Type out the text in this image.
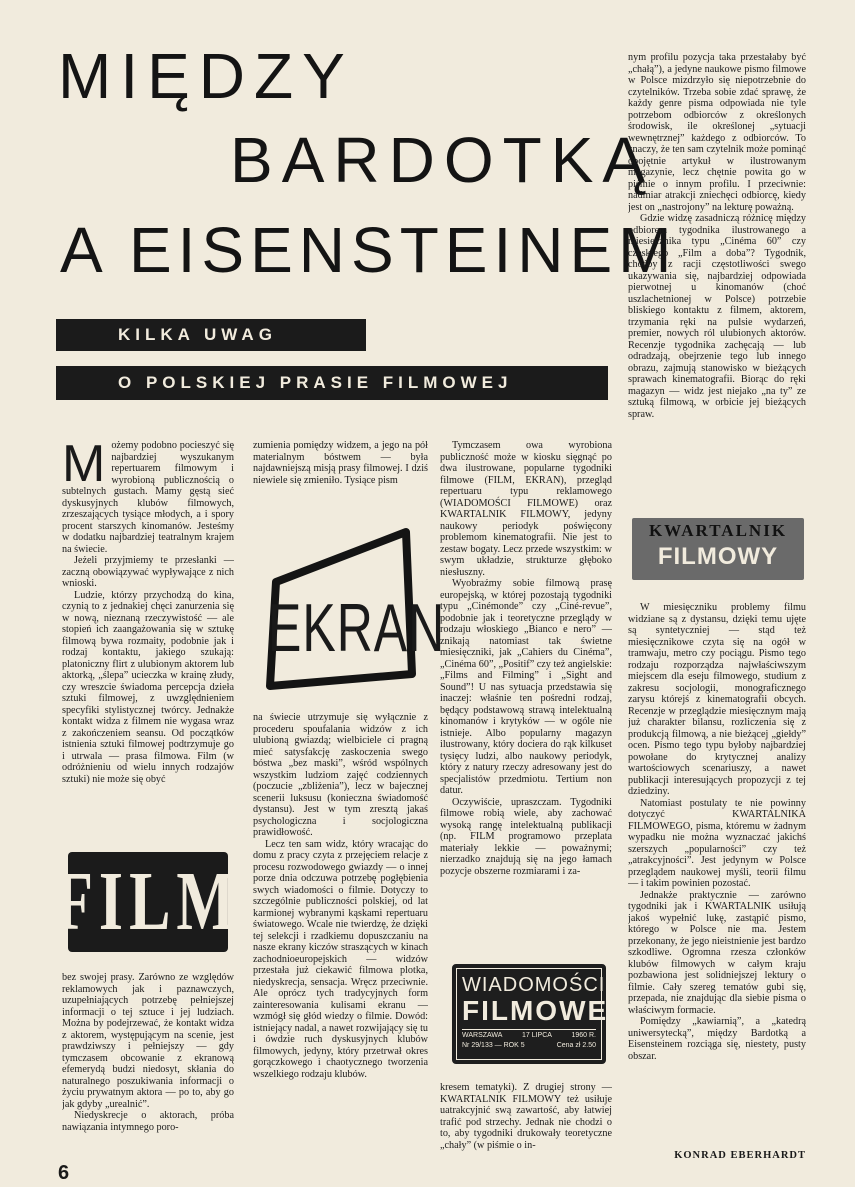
MIĘDZY
BARDOTKĄ
A EISENSTEINEM
KILKA UWAG
O POLSKIEJ PRASIE FILMOWEJ

Możemy podobno pocieszyć się najbardziej wyszukanym repertuarem filmowym i wyrobioną publicznością o subtelnych gustach. Mamy gęstą sieć dyskusyjnych klubów filmowych, zrzeszających tysiące młodych, a i spory procent starszych kinomanów. Jesteśmy w dodatku najbardziej teatralnym krajem na świecie.

Jeżeli przyjmiemy te przesłanki — zaczną obowiązywać wypływające z nich wnioski.

Ludzie, którzy przychodzą do kina, czynią to z jednakiej chęci zanurzenia się w nową, nieznaną rzeczywistość — ale stopień ich zaangażowania się w sztukę filmową bywa rozmaity, podobnie jak i rodzaj kontaktu, jakiego szukają: platoniczny flirt z ulubionym aktorem lub aktorką, „ślepa” ucieczka w krainę złudy, czy wreszcie świadoma percepcja dzieła sztuki filmowej, z uwzględnieniem specyfiki stylistycznej twórcy. Jednakże kontakt widza z filmem nie wygasa wraz z zakończeniem seansu. Od początków istnienia sztuki filmowej podtrzymuje go i utrwala — prasa filmowa. Film (w odróżnieniu od wielu innych rodzajów sztuki) nie może się obyć

FILM

bez swojej prasy. Zarówno ze względów reklamowych jak i paznawczych, uzupełniających potrzebę pełniejszej informacji o tej sztuce i jej ludziach. Można by podejrzewać, że kontakt widza z aktorem, występującym na scenie, jest prawdziwszy i pełniejszy — gdy tymczasem obcowanie z ekranową efemerydą budzi niedosyt, skłania do naturalnego poszukiwania informacji o życiu prywatnym aktora — po to, aby go jak gdyby „urealnić”.

Niedyskrecje o aktorach, próba nawiązania intymnego poro-

zumienia pomiędzy widzem, a jego na pół materialnym bóstwem — była najdawniejszą misją prasy filmowej. I dziś niewiele się zmieniło. Tysiące pism

EKRAN

na świecie utrzymuje się wyłącznie z procederu spoufalania widzów z ich ulubioną gwiazdą; wielbiciele ci pragną mieć satysfakcję zaskoczenia swego bóstwa „bez maski”, wśród wspólnych wszystkim ludziom zajęć codziennych (poczucie „zbliżenia”), lecz w bajecznej scenerii luksusu (konieczna świadomość dystansu). Jest w tym zresztą jakaś psychologiczna i socjologiczna prawidłowość.

Lecz ten sam widz, który wracając do domu z pracy czyta z przejęciem relacje z procesu rozwodowego gwiazdy — o innej porze dnia odczuwa potrzebę pogłębienia swych wiadomości o filmie. Dotyczy to szczególnie publiczności polskiej, od lat karmionej wybranymi kąskami repertuaru światowego. Wcale nie twierdzę, że dzięki tej selekcji i rzadkiemu dopuszczaniu na nasze ekrany kiczów straszących w kinach zachodnioeuropejskich — widzów przestała już ciekawić filmowa plotka, niedyskrecja, sensacja. Wręcz przeciwnie. Ale oprócz tych tradycyjnych form zainteresowania kulisami ekranu — wzmógł się głód wiedzy o filmie. Dowód: istniejący nadal, a nawet rozwijający się tu i ówdzie ruch dyskusyjnych klubów filmowych, jedyny, który przetrwał okres gorączkowego i chaotycznego tworzenia wszelkiego rodzaju klubów.

Tymczasem owa wyrobiona publiczność może w kiosku sięgnąć po dwa ilustrowane, popularne tygodniki filmowe (FILM, EKRAN), przegląd repertuaru typu reklamowego (WIADOMOŚCI FILMOWE) oraz KWARTALNIK FILMOWY, jedyny naukowy periodyk poświęcony problemom kinematografii. Nie jest to zestaw bogaty. Lecz przede wszystkim: w swym układzie, strukturze głęboko niesłuszny.

Wyobraźmy sobie filmową prasę europejską, w której pozostają tygodniki typu „Cinémonde” czy „Ciné-revue”, podobnie jak i teoretyczne przeglądy w rodzaju włoskiego „Bianco e nero” — znikają natomiast tak świetne miesięczniki, jak „Cahiers du Cinéma”, „Cinéma 60”, „Positif” czy też angielskie: „Films and Filming” i „Sight and Sound”! U nas sytuacja przedstawia się inaczej: właśnie ten pośredni rodzaj, będący podstawową strawą intelektualną kinomanów i krytyków — w ogóle nie istnieje. Albo popularny magazyn ilustrowany, który dociera do rąk kilkuset tysięcy ludzi, albo naukowy periodyk, który z natury rzeczy adresowany jest do specjalistów przedmiotu. Tertium non datur.

Oczywiście, upraszczam. Tygodniki filmowe robią wiele, aby zachować wysoką rangę intelektualną publikacji (np. FILM programowo przeplata materiały lekkie — poważnymi; nierzadko znajdują się na jego łamach pozycje obszerne rozmiarami i za-

WIADOMOŚCI
FILMOWE
WARSZAWA	17 LIPCA	1960 R.
Nr 29/133 — ROK 5	Cena zł 2.50

kresem tematyki). Z drugiej strony — KWARTALNIK FILMOWY też usiłuje uatrakcyjnić swą zawartość, aby łatwiej trafić pod strzechy. Jednak nie chodzi o to, aby tygodniki drukowały teoretyczne „chały” (w piśmie o in-

nym profilu pozycja taka przestałaby być „chałą”), a jedyne naukowe pismo filmowe w Polsce mizdrzyło się niepotrzebnie do czytelników. Trzeba sobie zdać sprawę, że każdy genre pisma odpowiada nie tyle potrzebom odbiorców z określonych środowisk, ile określonej „sytuacji wewnętrznej” każdego z odbiorców. To znaczy, że ten sam czytelnik może pominąć obojętnie artykuł w ilustrowanym magazynie, lecz chętnie powita go w piśmie o innym profilu. I przeciwnie: nadmiar atrakcji zniechęci odbiorcę, kiedy jest on „nastrojony” na lekturę poważną.

Gdzie widzę zasadniczą różnicę między odbiorem tygodnika ilustrowanego a miesięcznika typu „Cinéma 60” czy czeskiego „Film a doba”? Tygodnik, choćby z racji częstotliwości swego ukazywania się, najbardziej odpowiada pierwotnej u kinomanów (choć uszlachetnionej w Polsce) potrzebie bliskiego kontaktu z filmem, aktorem, trzymania ręki na pulsie wydarzeń, premier, nowych ról ulubionych aktorów. Recenzje tygodnika zachęcają — lub odradzają, obejrzenie tego lub innego obrazu, zajmują stanowisko w bieżących sprawach kinematografii. Biorąc do ręki magazyn — widz jest niejako „na ty” ze sztuką filmową, w orbicie jej bieżących spraw.

KWARTALNIK
FILMOWY

W miesięczniku problemy filmu widziane są z dystansu, dzięki temu ujęte są syntetyczniej — stąd też miesięcznikowe czyta się na ogół w tramwaju, metro czy pociągu. Pismo tego rodzaju rozporządza najwłaściwszym miejscem dla eseju filmowego, studium z zakresu socjologii, monograficznego zarysu którejś z kinematografii obcych. Recenzje w przeglądzie miesięcznym mają już charakter bilansu, rozliczenia się z produkcją filmową, a nie bieżącej „giełdy” ocen. Pismo tego typu byłoby najbardziej powołane do krytycznej analizy wartościowych scenariuszy, a nawet publikacji interesujących propozycji z tej dziedziny.

Natomiast postulaty te nie powinny dotyczyć KWARTALNIKA FILMOWEGO, pisma, któremu w żadnym wypadku nie można wyznaczać jakichś szerszych „popularności” czy też „atrakcyjności”. Jest jedynym w Polsce przeglądem naukowej myśli, teorii filmu — i takim powinien pozostać.

Jednakże praktycznie — zarówno tygodniki jak i KWARTALNIK usiłują jakoś wypełnić lukę, zastąpić pismo, którego w Polsce nie ma. Jestem przekonany, że jego nieistnienie jest bardzo szkodliwe. Ogromna rzesza członków klubów filmowych w całym kraju pozbawiona jest solidniejszej lektury o filmie. Cały szereg tematów gubi się, przepada, nie znajdując dla siebie pisma o właściwym formacie.

Pomiędzy „kawiarnią”, a „katedrą uniwersytecką”, między Bardotką a Eisensteinem rozciąga się, niestety, pusty obszar.

KONRAD EBERHARDT
6
